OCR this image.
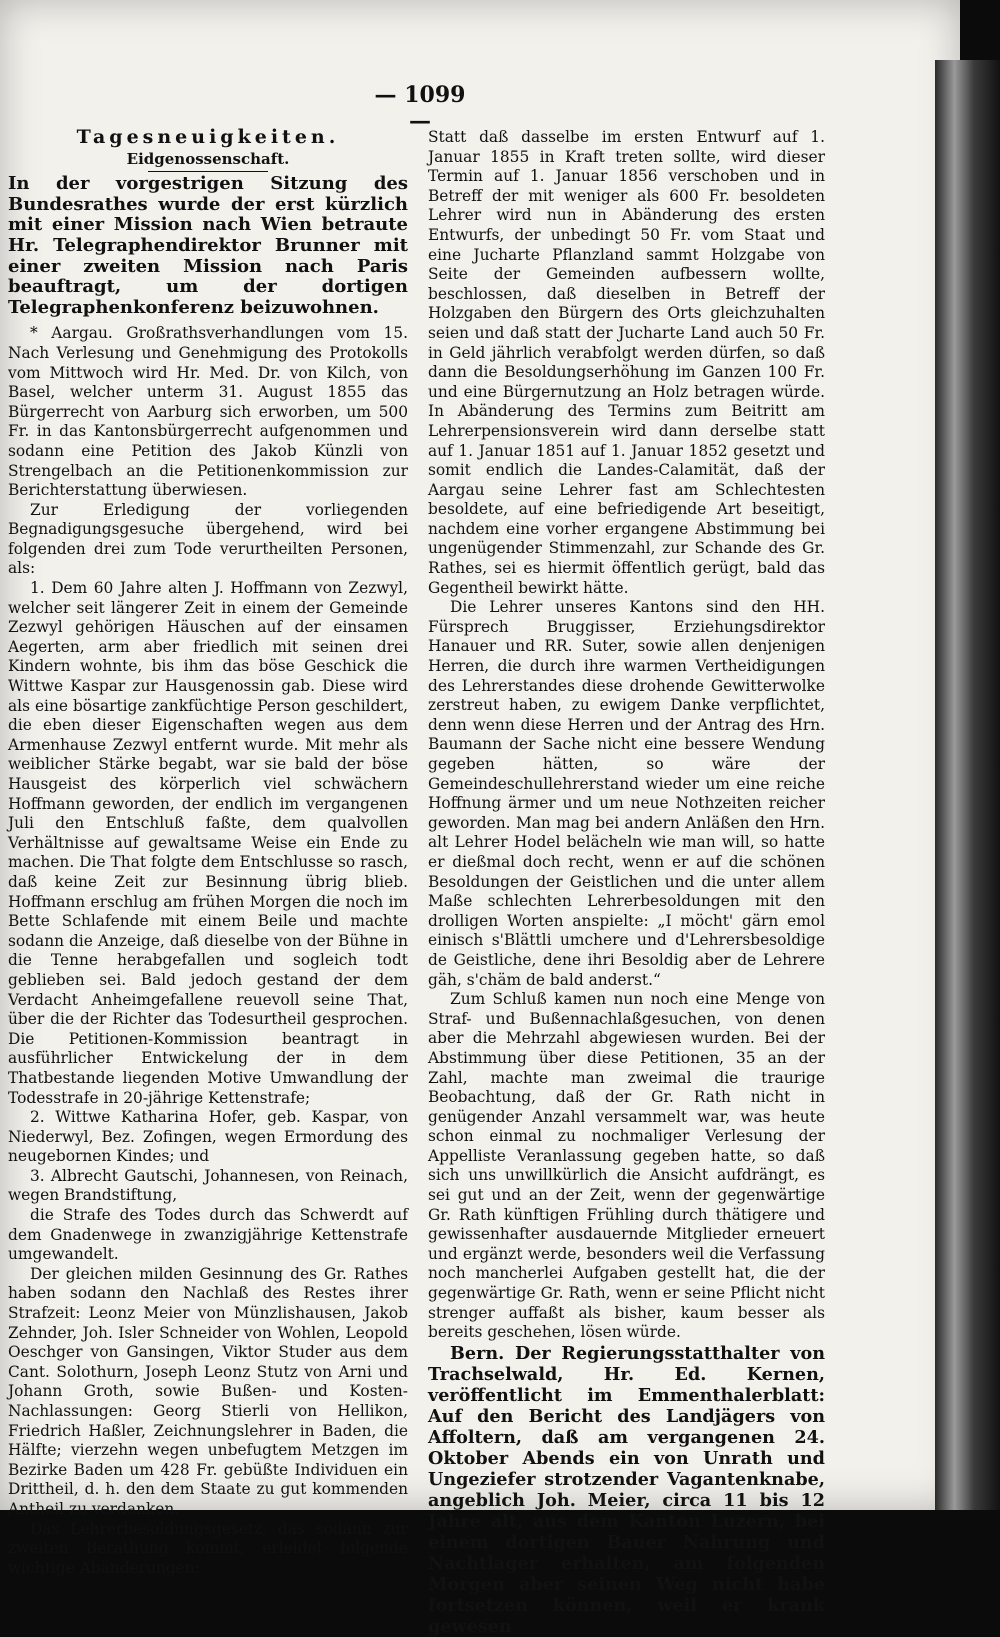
— 1099 —
Tagesneuigkeiten.
Eidgenossenschaft.

In der vorgestrigen Sitzung des Bundesrathes wurde der erst kürzlich mit einer Mission nach Wien betraute Hr. Telegraphendirektor Brunner mit einer zweiten Mission nach Paris beauftragt, um der dortigen Telegraphenkonferenz beizuwohnen.

* Aargau. Großrathsverhandlungen vom 15. Nach Verlesung und Genehmigung des Protokolls vom Mittwoch wird Hr. Med. Dr. von Kilch, von Basel, welcher unterm 31. August 1855 das Bürgerrecht von Aarburg sich erworben, um 500 Fr. in das Kantonsbürgerrecht aufgenommen und sodann eine Petition des Jakob Künzli von Strengelbach an die Petitionenkommission zur Berichterstattung überwiesen.

Zur Erledigung der vorliegenden Begnadigungsgesuche übergehend, wird bei folgenden drei zum Tode verurtheilten Personen, als:

1. Dem 60 Jahre alten J. Hoffmann von Zezwyl, welcher seit längerer Zeit in einem der Gemeinde Zezwyl gehörigen Häuschen auf der einsamen Aegerten, arm aber friedlich mit seinen drei Kindern wohnte, bis ihm das böse Geschick die Wittwe Kaspar zur Hausgenossin gab. Diese wird als eine bösartige zankfüchtige Person geschildert, die eben dieser Eigenschaften wegen aus dem Armenhause Zezwyl entfernt wurde. Mit mehr als weiblicher Stärke begabt, war sie bald der böse Hausgeist des körperlich viel schwächern Hoffmann geworden, der endlich im vergangenen Juli den Entschluß faßte, dem qualvollen Verhältnisse auf gewaltsame Weise ein Ende zu machen. Die That folgte dem Entschlusse so rasch, daß keine Zeit zur Besinnung übrig blieb. Hoffmann erschlug am frühen Morgen die noch im Bette Schlafende mit einem Beile und machte sodann die Anzeige, daß dieselbe von der Bühne in die Tenne herabgefallen und sogleich todt geblieben sei. Bald jedoch gestand der dem Verdacht Anheimgefallene reuevoll seine That, über die der Richter das Todesurtheil gesprochen. Die Petitionen-Kommission beantragt in ausführlicher Entwickelung der in dem Thatbestande liegenden Motive Umwandlung der Todesstrafe in 20-jährige Kettenstrafe;

2. Wittwe Katharina Hofer, geb. Kaspar, von Niederwyl, Bez. Zofingen, wegen Ermordung des neugebornen Kindes; und

3. Albrecht Gautschi, Johannesen, von Reinach, wegen Brandstiftung,

die Strafe des Todes durch das Schwerdt auf dem Gnadenwege in zwanzigjährige Kettenstrafe umgewandelt.

Der gleichen milden Gesinnung des Gr. Rathes haben sodann den Nachlaß des Restes ihrer Strafzeit: Leonz Meier von Münzlishausen, Jakob Zehnder, Joh. Isler Schneider von Wohlen, Leopold Oeschger von Gansingen, Viktor Studer aus dem Cant. Solothurn, Joseph Leonz Stutz von Arni und Johann Groth, sowie Bußen- und Kosten-Nachlassungen: Georg Stierli von Hellikon, Friedrich Haßler, Zeichnungslehrer in Baden, die Hälfte; vierzehn wegen unbefugtem Metzgen im Bezirke Baden um 428 Fr. gebüßte Individuen ein Drittheil, d. h. den dem Staate zu gut kommenden Antheil zu verdanken.

Das Lehrerbesoldungsgesetz, das sodann zur zweiten Berathung kommt, erleidet folgende wichtige Abänderungen:

Statt daß dasselbe im ersten Entwurf auf 1. Januar 1855 in Kraft treten sollte, wird dieser Termin auf 1. Januar 1856 verschoben und in Betreff der mit weniger als 600 Fr. besoldeten Lehrer wird nun in Abänderung des ersten Entwurfs, der unbedingt 50 Fr. vom Staat und eine Jucharte Pflanzland sammt Holzgabe von Seite der Gemeinden aufbessern wollte, beschlossen, daß dieselben in Betreff der Holzgaben den Bürgern des Orts gleichzuhalten seien und daß statt der Jucharte Land auch 50 Fr. in Geld jährlich verabfolgt werden dürfen, so daß dann die Besoldungserhöhung im Ganzen 100 Fr. und eine Bürgernutzung an Holz betragen würde. In Abänderung des Termins zum Beitritt am Lehrerpensionsverein wird dann derselbe statt auf 1. Januar 1851 auf 1. Januar 1852 gesetzt und somit endlich die Landes-Calamität, daß der Aargau seine Lehrer fast am Schlechtesten besoldete, auf eine befriedigende Art beseitigt, nachdem eine vorher ergangene Abstimmung bei ungenügender Stimmenzahl, zur Schande des Gr. Rathes, sei es hiermit öffentlich gerügt, bald das Gegentheil bewirkt hätte.

Die Lehrer unseres Kantons sind den HH. Fürsprech Bruggisser, Erziehungsdirektor Hanauer und RR. Suter, sowie allen denjenigen Herren, die durch ihre warmen Vertheidigungen des Lehrerstandes diese drohende Gewitterwolke zerstreut haben, zu ewigem Danke verpflichtet, denn wenn diese Herren und der Antrag des Hrn. Baumann der Sache nicht eine bessere Wendung gegeben hätten, so wäre der Gemeindeschullehrerstand wieder um eine reiche Hoffnung ärmer und um neue Nothzeiten reicher geworden. Man mag bei andern Anläßen den Hrn. alt Lehrer Hodel belächeln wie man will, so hatte er dießmal doch recht, wenn er auf die schönen Besoldungen der Geistlichen und die unter allem Maße schlechten Lehrerbesoldungen mit den drolligen Worten anspielte: „I möcht' gärn emol einisch s'Blättli umchere und d'Lehrersbesoldige de Geistliche, dene ihri Besoldig aber de Lehrere gäh, s'chäm de bald anderst.“

Zum Schluß kamen nun noch eine Menge von Straf- und Bußennachlaßgesuchen, von denen aber die Mehrzahl abgewiesen wurden. Bei der Abstimmung über diese Petitionen, 35 an der Zahl, machte man zweimal die traurige Beobachtung, daß der Gr. Rath nicht in genügender Anzahl versammelt war, was heute schon einmal zu nochmaliger Verlesung der Appelliste Veranlassung gegeben hatte, so daß sich uns unwillkürlich die Ansicht aufdrängt, es sei gut und an der Zeit, wenn der gegenwärtige Gr. Rath künftigen Frühling durch thätigere und gewissenhafter ausdauernde Mitglieder erneuert und ergänzt werde, besonders weil die Verfassung noch mancherlei Aufgaben gestellt hat, die der gegenwärtige Gr. Rath, wenn er seine Pflicht nicht strenger auffaßt als bisher, kaum besser als bereits geschehen, lösen würde.

Bern. Der Regierungsstatthalter von Trachselwald, Hr. Ed. Kernen, veröffentlicht im Emmenthalerblatt: Auf den Bericht des Landjägers von Affoltern, daß am vergangenen 24. Oktober Abends ein von Unrath und Ungeziefer strotzender Vagantenknabe, angeblich Joh. Meier, circa 11 bis 12 Jahre alt, aus dem Kanton Luzern, bei einem dortigen Bauer Nahrung und Nachtlager erhalten, am folgenden Morgen aber seinen Weg nicht habe fortsetzen können, weil er krank gewesen
